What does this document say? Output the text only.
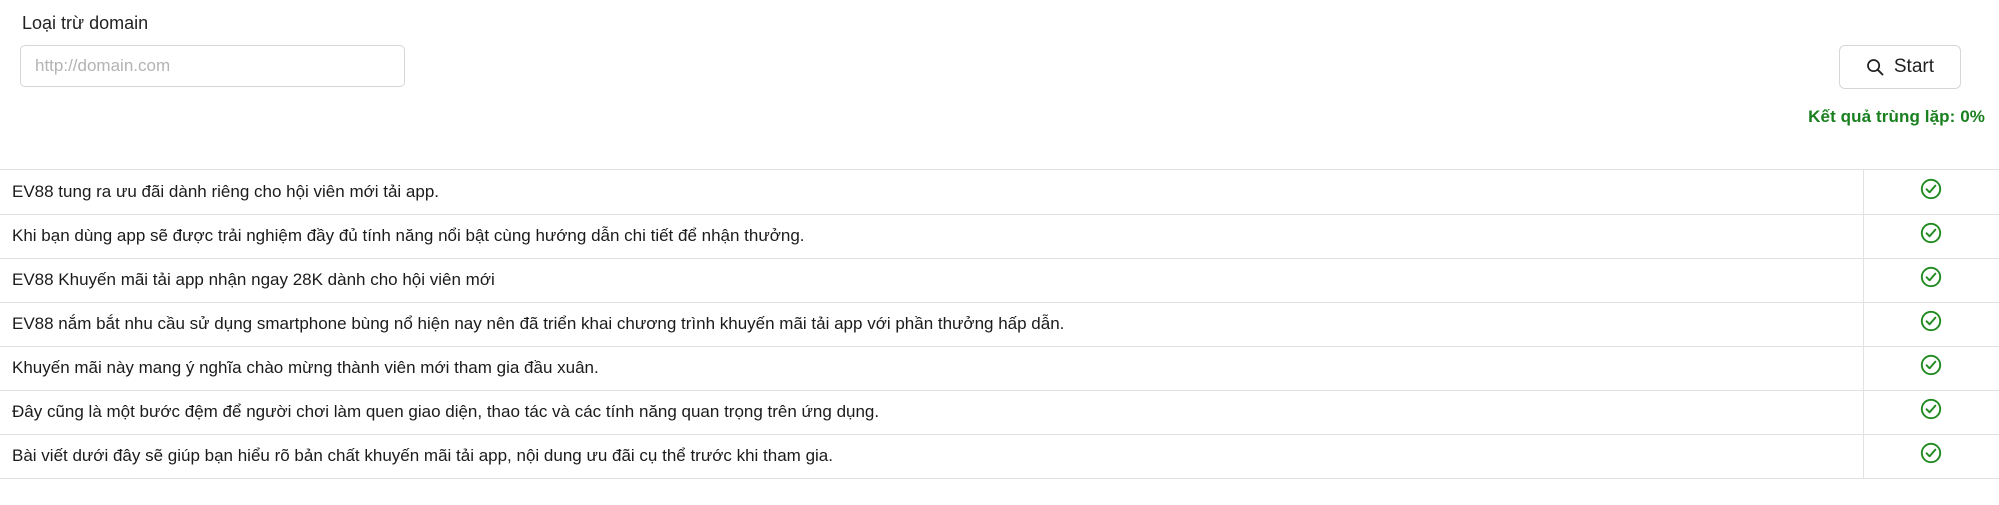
Loại trừ domain
http://domain.com
Start
Kết quả trùng lặp: 0%
EV88 tung ra ưu đãi dành riêng cho hội viên mới tải app.	

Khi bạn dùng app sẽ được trải nghiệm đầy đủ tính năng nổi bật cùng hướng dẫn chi tiết để nhận thưởng.	

EV88 Khuyến mãi tải app nhận ngay 28K dành cho hội viên mới	

EV88 nắm bắt nhu cầu sử dụng smartphone bùng nổ hiện nay nên đã triển khai chương trình khuyến mãi tải app với phần thưởng hấp dẫn.	

Khuyến mãi này mang ý nghĩa chào mừng thành viên mới tham gia đầu xuân.	

Đây cũng là một bước đệm để người chơi làm quen giao diện, thao tác và các tính năng quan trọng trên ứng dụng.	

Bài viết dưới đây sẽ giúp bạn hiểu rõ bản chất khuyến mãi tải app, nội dung ưu đãi cụ thể trước khi tham gia.	
